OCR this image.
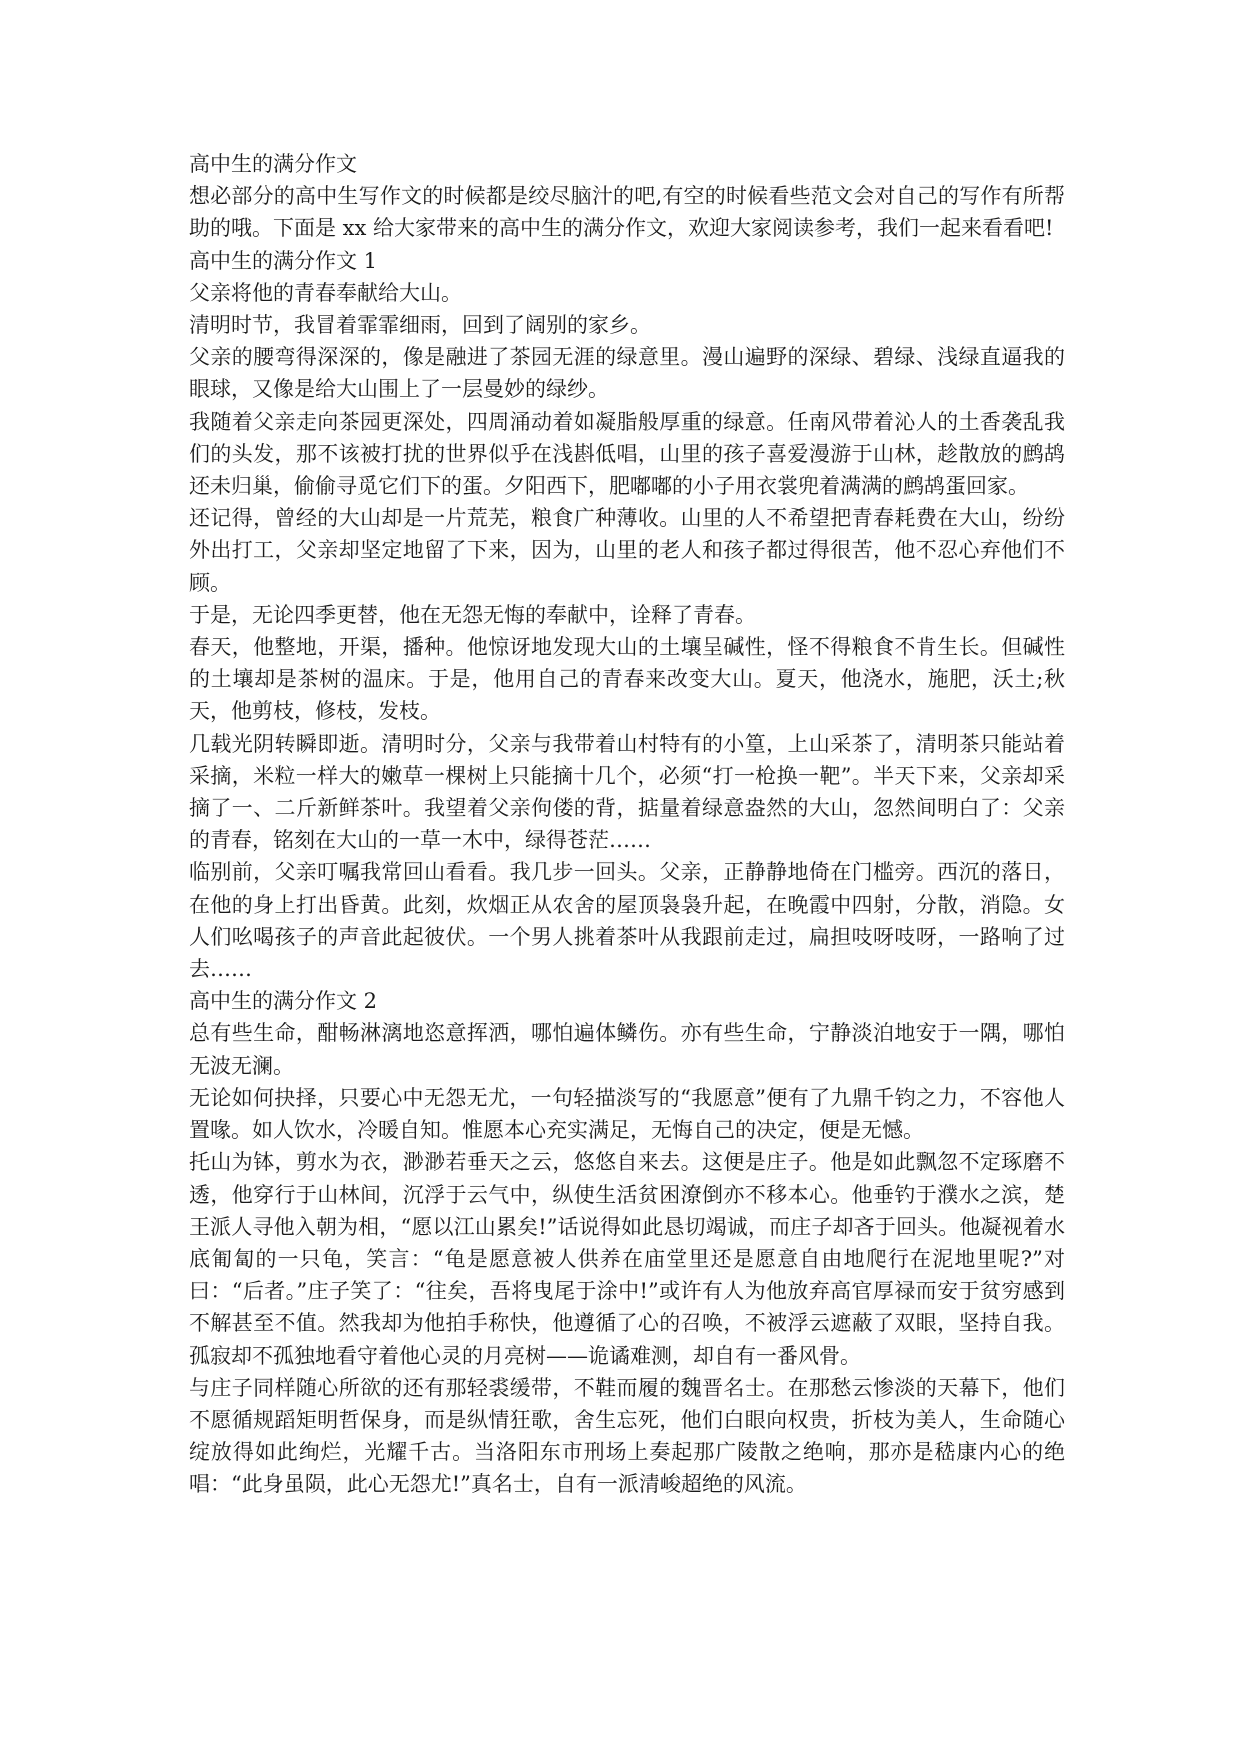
高中生的满分作文

想必部分的高中生写作文的时候都是绞尽脑汁的吧,有空的时候看些范文会对自己的写作有所帮助的哦。下面是 xx 给大家带来的高中生的满分作文，欢迎大家阅读参考，我们一起来看看吧!

高中生的满分作文 1

父亲将他的青春奉献给大山。

清明时节，我冒着霏霏细雨，回到了阔别的家乡。

父亲的腰弯得深深的，像是融进了茶园无涯的绿意里。漫山遍野的深绿、碧绿、浅绿直逼我的眼球，又像是给大山围上了一层曼妙的绿纱。

我随着父亲走向茶园更深处，四周涌动着如凝脂般厚重的绿意。任南风带着沁人的土香袭乱我们的头发，那不该被打扰的世界似乎在浅斟低唱，山里的孩子喜爱漫游于山林，趁散放的鹧鸪还未归巢，偷偷寻觅它们下的蛋。夕阳西下，肥嘟嘟的小子用衣裳兜着满满的鹧鸪蛋回家。

还记得，曾经的大山却是一片荒芜，粮食广种薄收。山里的人不希望把青春耗费在大山，纷纷外出打工，父亲却坚定地留了下来，因为，山里的老人和孩子都过得很苦，他不忍心弃他们不顾。

于是，无论四季更替，他在无怨无悔的奉献中，诠释了青春。

春天，他整地，开渠，播种。他惊讶地发现大山的土壤呈碱性，怪不得粮食不肯生长。但碱性的土壤却是茶树的温床。于是，他用自己的青春来改变大山。夏天，他浇水，施肥，沃土;秋天，他剪枝，修枝，发枝。

几载光阴转瞬即逝。清明时分，父亲与我带着山村特有的小篁，上山采茶了，清明茶只能站着采摘，米粒一样大的嫩草一棵树上只能摘十几个，必须“打一枪换一靶”。半天下来，父亲却采摘了一、二斤新鲜茶叶。我望着父亲佝偻的背，掂量着绿意盎然的大山，忽然间明白了：父亲的青春，铭刻在大山的一草一木中，绿得苍茫……

临别前，父亲叮嘱我常回山看看。我几步一回头。父亲，正静静地倚在门槛旁。西沉的落日，在他的身上打出昏黄。此刻，炊烟正从农舍的屋顶袅袅升起，在晚霞中四射，分散，消隐。女人们吆喝孩子的声音此起彼伏。一个男人挑着茶叶从我跟前走过，扁担吱呀吱呀，一路响了过去……

高中生的满分作文 2

总有些生命，酣畅淋漓地恣意挥洒，哪怕遍体鳞伤。亦有些生命，宁静淡泊地安于一隅，哪怕无波无澜。

无论如何抉择，只要心中无怨无尤，一句轻描淡写的“我愿意”便有了九鼎千钧之力，不容他人置喙。如人饮水，冷暖自知。惟愿本心充实满足，无悔自己的决定，便是无憾。

托山为钵，剪水为衣，渺渺若垂天之云，悠悠自来去。这便是庄子。他是如此飘忽不定琢磨不透，他穿行于山林间，沉浮于云气中，纵使生活贫困潦倒亦不移本心。他垂钓于濮水之滨，楚王派人寻他入朝为相，“愿以江山累矣!”话说得如此恳切竭诚，而庄子却吝于回头。他凝视着水底匍匐的一只龟，笑言：“龟是愿意被人供养在庙堂里还是愿意自由地爬行在泥地里呢?”对曰：“后者。”庄子笑了：“往矣，吾将曳尾于涂中!”或许有人为他放弃高官厚禄而安于贫穷感到不解甚至不值。然我却为他拍手称快，他遵循了心的召唤，不被浮云遮蔽了双眼，坚持自我。孤寂却不孤独地看守着他心灵的月亮树——诡谲难测，却自有一番风骨。

与庄子同样随心所欲的还有那轻裘缓带，不鞋而履的魏晋名士。在那愁云惨淡的天幕下，他们不愿循规蹈矩明哲保身，而是纵情狂歌，舍生忘死，他们白眼向权贵，折枝为美人，生命随心绽放得如此绚烂，光耀千古。当洛阳东市刑场上奏起那广陵散之绝响，那亦是嵇康内心的绝唱：“此身虽陨，此心无怨尤!”真名士，自有一派清峻超绝的风流。
